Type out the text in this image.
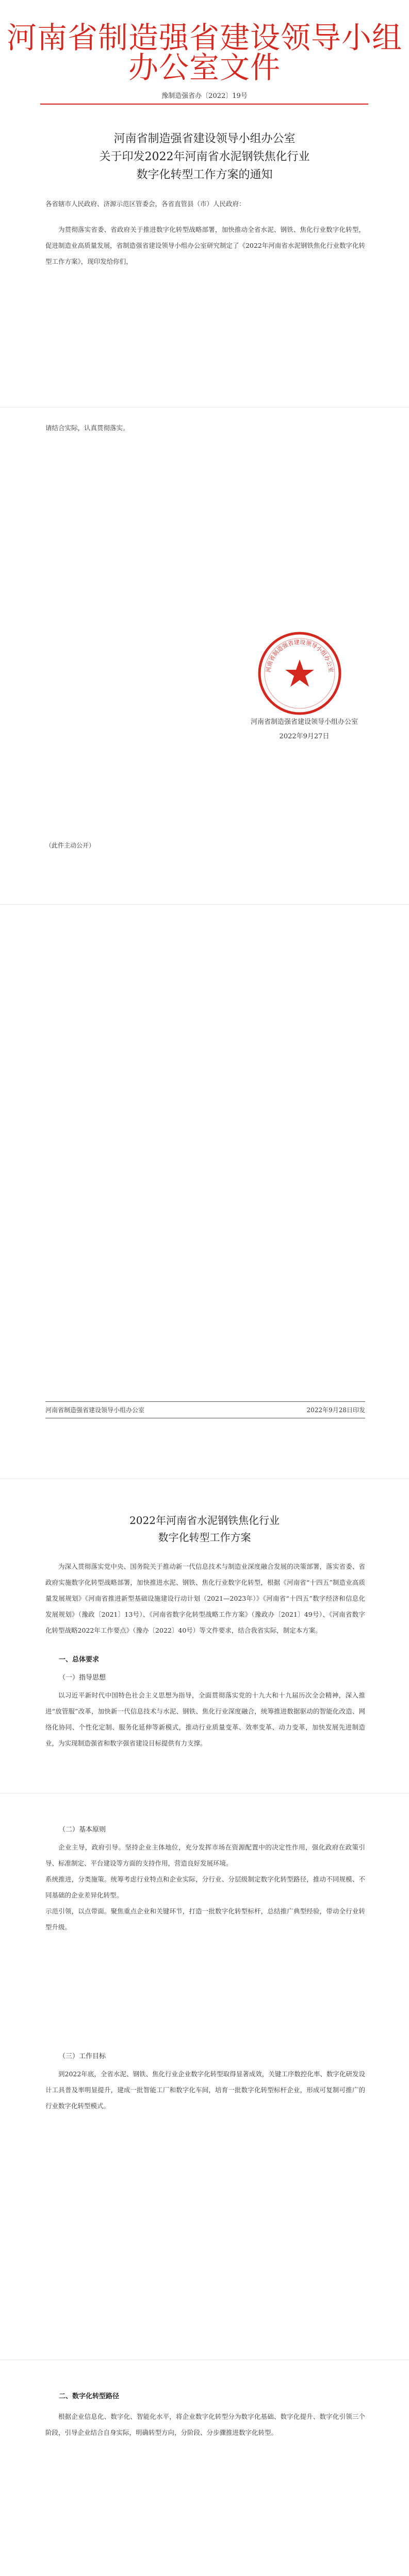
河南省制造强省建设领导小组办公室文件
豫制造强省办〔2022〕19号
河南省制造强省建设领导小组办公室
关于印发2022年河南省水泥钢铁焦化行业
数字化转型工作方案的通知
各省辖市人民政府、济源示范区管委会，各省直管县（市）人民政府：
为贯彻落实省委、省政府关于推进数字化转型战略部署，加快推动全省水泥、钢铁、焦化行业数字化转型，促进制造业高质量发展，省制造强省建设领导小组办公室研究制定了《2022年河南省水泥钢铁焦化行业数字化转型工作方案》，现印发给你们，
请结合实际，认真贯彻落实。
河南省制造强省建设领导小组办公室
河南省制造强省建设领导小组办公室
2022年9月27日
（此件主动公开）
河南省制造强省建设领导小组办公室	2022年9月28日印发
2022年河南省水泥钢铁焦化行业
数字化转型工作方案
为深入贯彻落实党中央、国务院关于推动新一代信息技术与制造业深度融合发展的决策部署，落实省委、省政府实施数字化转型战略部署，加快推进水泥、钢铁、焦化行业数字化转型，根据《河南省“十四五”制造业高质量发展规划》《河南省推进新型基础设施建设行动计划（2021—2023年）》《河南省“十四五”数字经济和信息化发展规划》（豫政〔2021〕13号）、《河南省数字化转型战略工作方案》（豫政办〔2021〕49号）、《河南省数字化转型战略2022年工作要点》（豫办〔2022〕40号）等文件要求，结合我省实际，制定本方案。
一、总体要求
（一）指导思想
以习近平新时代中国特色社会主义思想为指导，全面贯彻落实党的十九大和十九届历次全会精神，深入推进“放管服”改革，加快新一代信息技术与水泥、钢铁、焦化行业深度融合，统筹推进数据驱动的智能化改造、网络化协同、个性化定制、服务化延伸等新模式，推动行业质量变革、效率变革、动力变革，加快发展先进制造业，为实现制造强省和数字强省建设目标提供有力支撑。
（二）基本原则
企业主导，政府引导。坚持企业主体地位，充分发挥市场在资源配置中的决定性作用，强化政府在政策引导、标准制定、平台建设等方面的支持作用，营造良好发展环境。
系统推进，分类施策。统筹考虑行业特点和企业实际，分行业、分层级制定数字化转型路径，推动不同规模、不同基础的企业差异化转型。
示范引领，以点带面。聚焦重点企业和关键环节，打造一批数字化转型标杆，总结推广典型经验，带动全行业转型升级。
（三）工作目标
到2022年底，全省水泥、钢铁、焦化行业企业数字化转型取得显著成效，关键工序数控化率、数字化研发设计工具普及率明显提升，建成一批智能工厂和数字化车间，培育一批数字化转型标杆企业，形成可复制可推广的行业数字化转型模式。
二、数字化转型路径
根据企业信息化、数字化、智能化水平，将企业数字化转型分为数字化基础、数字化提升、数字化引领三个阶段，引导企业结合自身实际，明确转型方向，分阶段、分步骤推进数字化转型。
